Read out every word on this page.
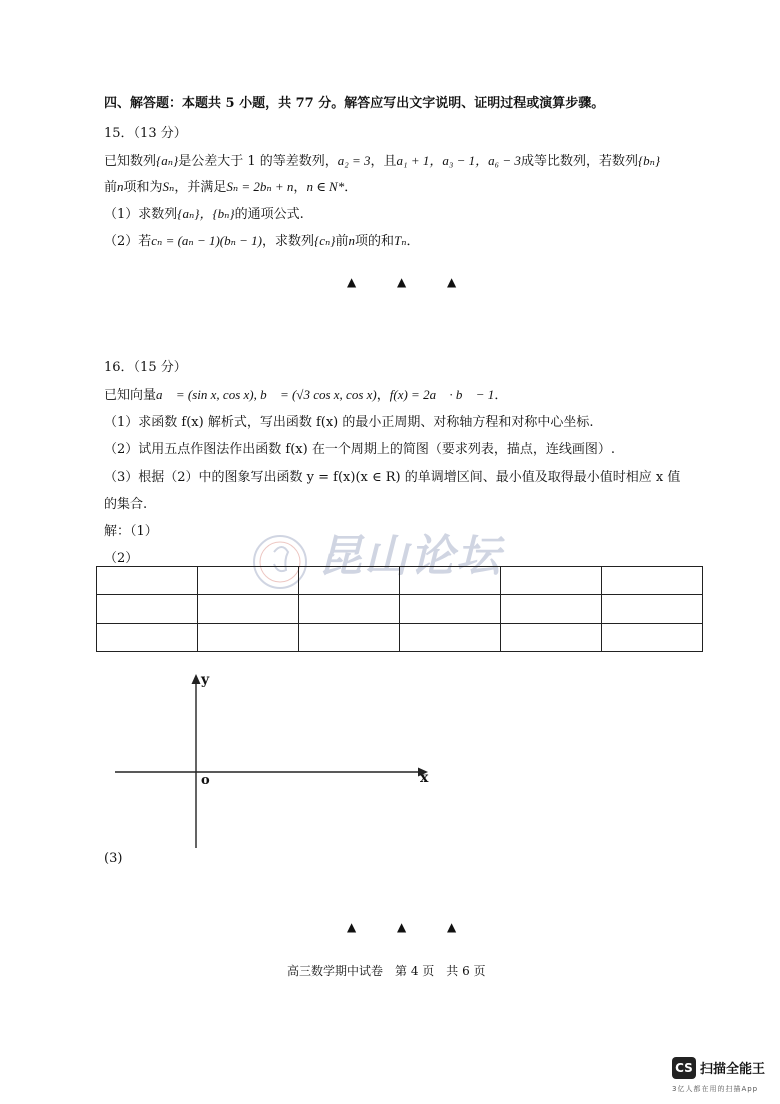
四、解答题：本题共 5 小题，共 77 分。解答应写出文字说明、证明过程或演算步骤。
15．（13 分）
已知数列{aₙ}是公差大于 1 的等差数列，a₂ = 3，且a₁ + 1，a₃ − 1，a₆ − 3成等比数列，若数列{bₙ}
前n项和为Sₙ，并满足Sₙ = 2bₙ + n，n ∈ N*．
（1）求数列{aₙ}，{bₙ}的通项公式.
（2）若cₙ = (aₙ − 1)(bₙ − 1)，求数列{cₙ}前n项的和Tₙ．
▲	▲	▲
16．（15 分）
已知向量a⃗ = (sin x, cos x), b⃗ = (√3 cos x, cos x)，f(x) = 2a⃗ · b⃗ − 1．
（1）求函数 f(x) 解析式，写出函数 f(x) 的最小正周期、对称轴方程和对称中心坐标.
（2）试用五点作图法作出函数 f(x) 在一个周期上的简图（要求列表，描点，连线画图）.
（3）根据（2）中的图象写出函数 y = f(x)(x ∈ R) 的单调增区间、最小值及取得最小值时相应 x 值
的集合.
解：（1）
（2）	昆山论坛

y
x
o
(3)
▲	▲	▲
高三数学期中试卷　第 4 页　共 6 页
CS 扫描全能王
3亿人都在用的扫描App
